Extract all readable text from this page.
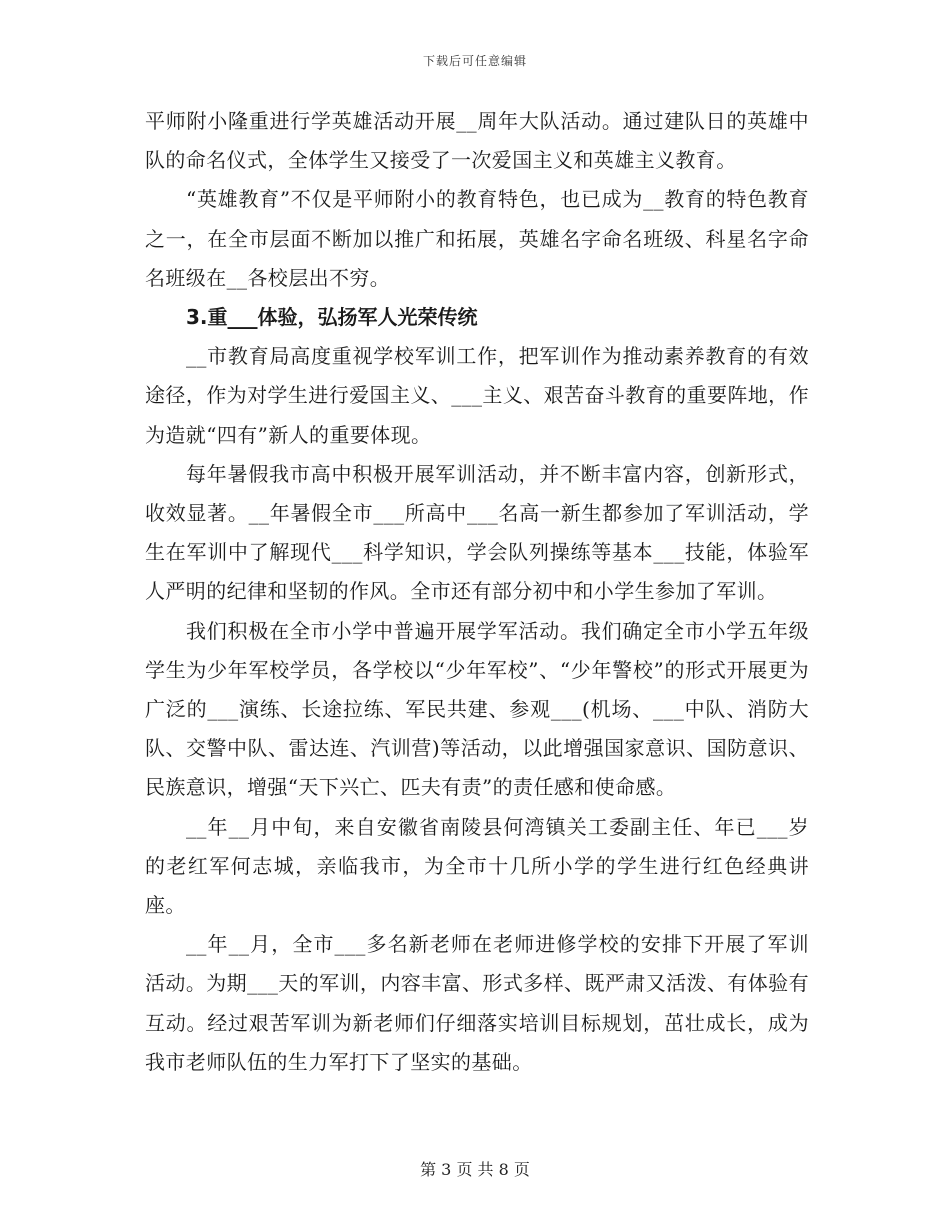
下载后可任意编辑

平师附小隆重进行学英雄活动开展__周年大队活动。通过建队日的英雄中队的命名仪式，全体学生又接受了一次爱国主义和英雄主义教育。

“英雄教育”不仅是平师附小的教育特色，也已成为__教育的特色教育之一，在全市层面不断加以推广和拓展，英雄名字命名班级、科星名字命名班级在__各校层出不穷。

3.重___体验，弘扬军人光荣传统

__市教育局高度重视学校军训工作，把军训作为推动素养教育的有效途径，作为对学生进行爱国主义、___主义、艰苦奋斗教育的重要阵地，作为造就“四有”新人的重要体现。

每年暑假我市高中积极开展军训活动，并不断丰富内容，创新形式，收效显著。__年暑假全市___所高中___名高一新生都参加了军训活动，学生在军训中了解现代___科学知识，学会队列操练等基本___技能，体验军人严明的纪律和坚韧的作风。全市还有部分初中和小学生参加了军训。

我们积极在全市小学中普遍开展学军活动。我们确定全市小学五年级学生为少年军校学员，各学校以“少年军校”、“少年警校”的形式开展更为广泛的___演练、长途拉练、军民共建、参观___(机场、___中队、消防大队、交警中队、雷达连、汽训营)等活动，以此增强国家意识、国防意识、民族意识，增强“天下兴亡、匹夫有责”的责任感和使命感。

__年__月中旬，来自安徽省南陵县何湾镇关工委副主任、年已___岁的老红军何志城，亲临我市，为全市十几所小学的学生进行红色经典讲座。

__年__月，全市___多名新老师在老师进修学校的安排下开展了军训活动。为期___天的军训，内容丰富、形式多样、既严肃又活泼、有体验有互动。经过艰苦军训为新老师们仔细落实培训目标规划，茁壮成长，成为我市老师队伍的生力军打下了坚实的基础。

第 3 页 共 8 页
